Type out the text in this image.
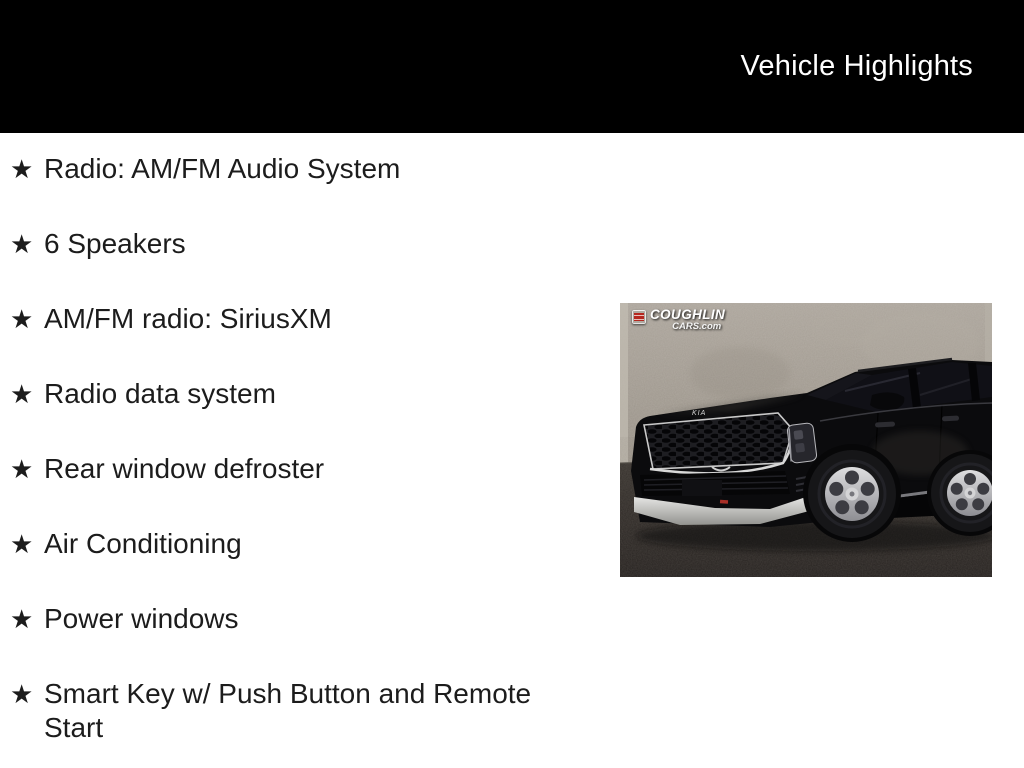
Vehicle Highlights
★ Radio: AM/FM Audio System
★ 6 Speakers
★ AM/FM radio: SiriusXM
★ Radio data system
★ Rear window defroster
★ Air Conditioning
★ Power windows
★ Smart Key w/ Push Button and Remote Start
KIA
COUGHLIN
CARS.com
